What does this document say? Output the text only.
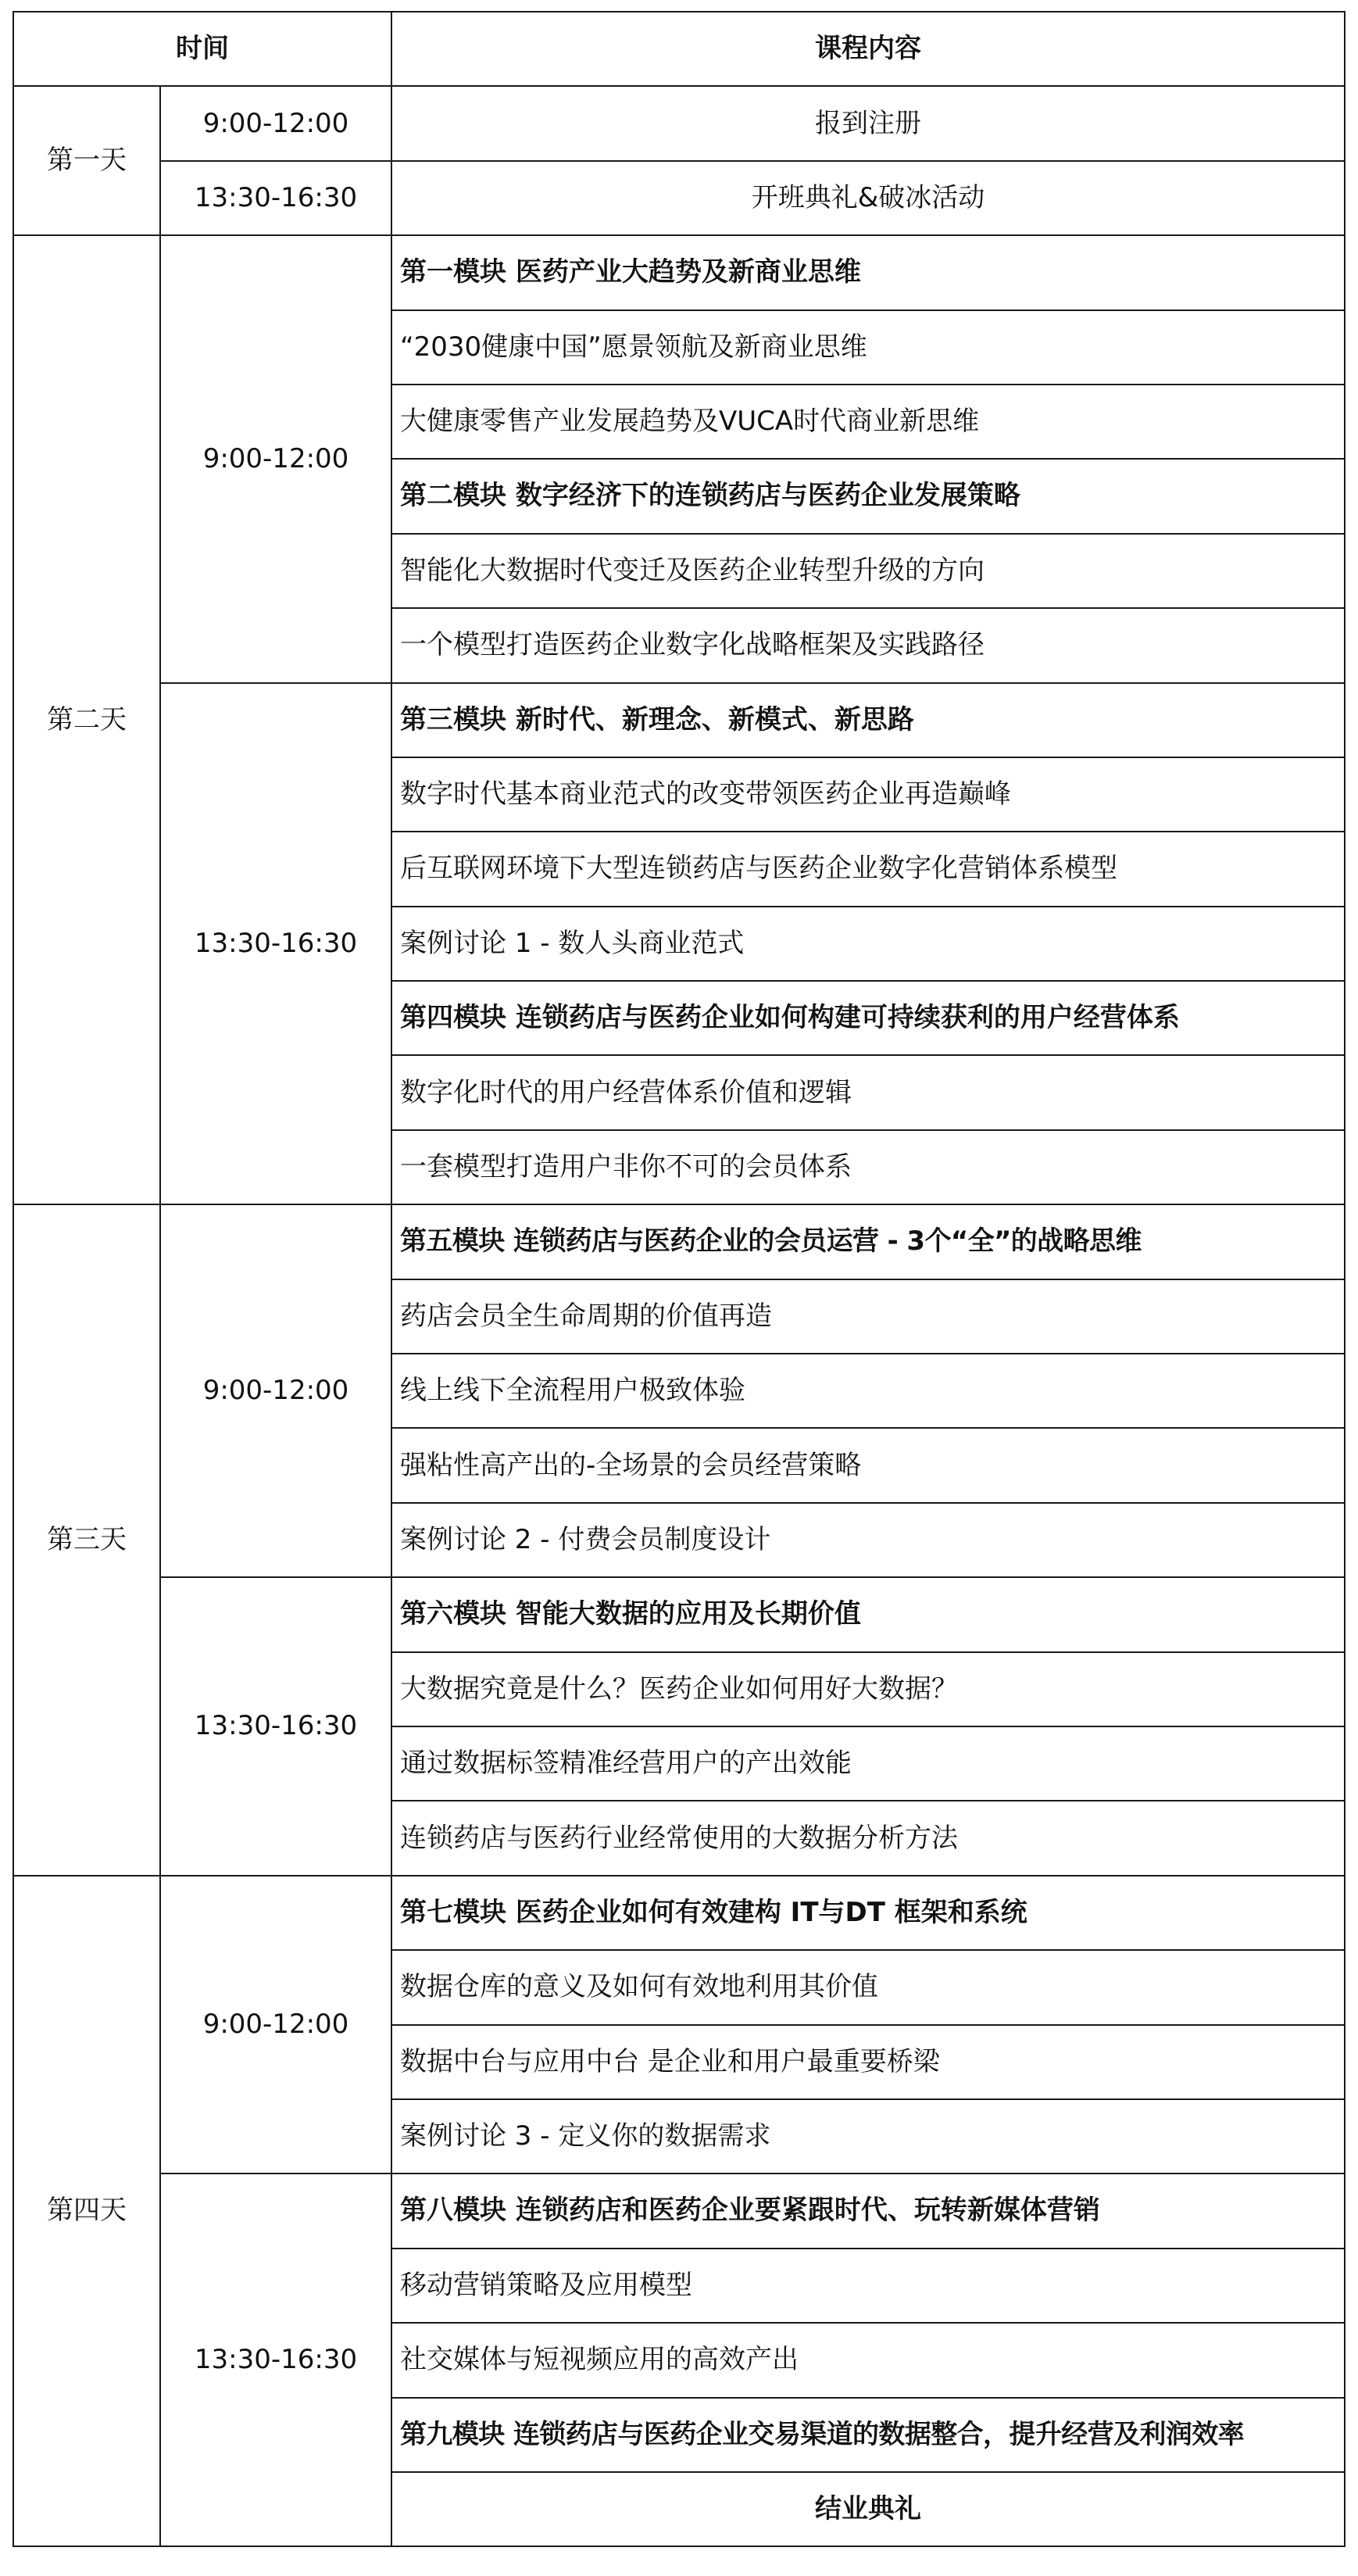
时间		课程内容
第一天	9:00-12:00	报到注册
	13:30-16:30	开班典礼&破冰活动
第二天	9:00-12:00	第一模块 医药产业大趋势及新商业思维
		“2030健康中国”愿景领航及新商业思维
		大健康零售产业发展趋势及VUCA时代商业新思维
		第二模块 数字经济下的连锁药店与医药企业发展策略
		智能化大数据时代变迁及医药企业转型升级的方向
		一个模型打造医药企业数字化战略框架及实践路径
	13:30-16:30	第三模块 新时代、新理念、新模式、新思路
		数字时代基本商业范式的改变带领医药企业再造巅峰
		后互联网环境下大型连锁药店与医药企业数字化营销体系模型
		案例讨论 1 - 数人头商业范式
		第四模块 连锁药店与医药企业如何构建可持续获利的用户经营体系
		数字化时代的用户经营体系价值和逻辑
		一套模型打造用户非你不可的会员体系
第三天	9:00-12:00	第五模块 连锁药店与医药企业的会员运营 - 3个“全”的战略思维
		药店会员全生命周期的价值再造
		线上线下全流程用户极致体验
		强粘性高产出的-全场景的会员经营策略
		案例讨论 2 - 付费会员制度设计
	13:30-16:30	第六模块 智能大数据的应用及长期价值
		大数据究竟是什么？医药企业如何用好大数据？
		通过数据标签精准经营用户的产出效能
		连锁药店与医药行业经常使用的大数据分析方法
第四天	9:00-12:00	第七模块 医药企业如何有效建构 IT与DT 框架和系统
		数据仓库的意义及如何有效地利用其价值
		数据中台与应用中台 是企业和用户最重要桥梁
		案例讨论 3 - 定义你的数据需求
	13:30-16:30	第八模块 连锁药店和医药企业要紧跟时代、玩转新媒体营销
		移动营销策略及应用模型
		社交媒体与短视频应用的高效产出
		第九模块 连锁药店与医药企业交易渠道的数据整合，提升经营及利润效率
		结业典礼
